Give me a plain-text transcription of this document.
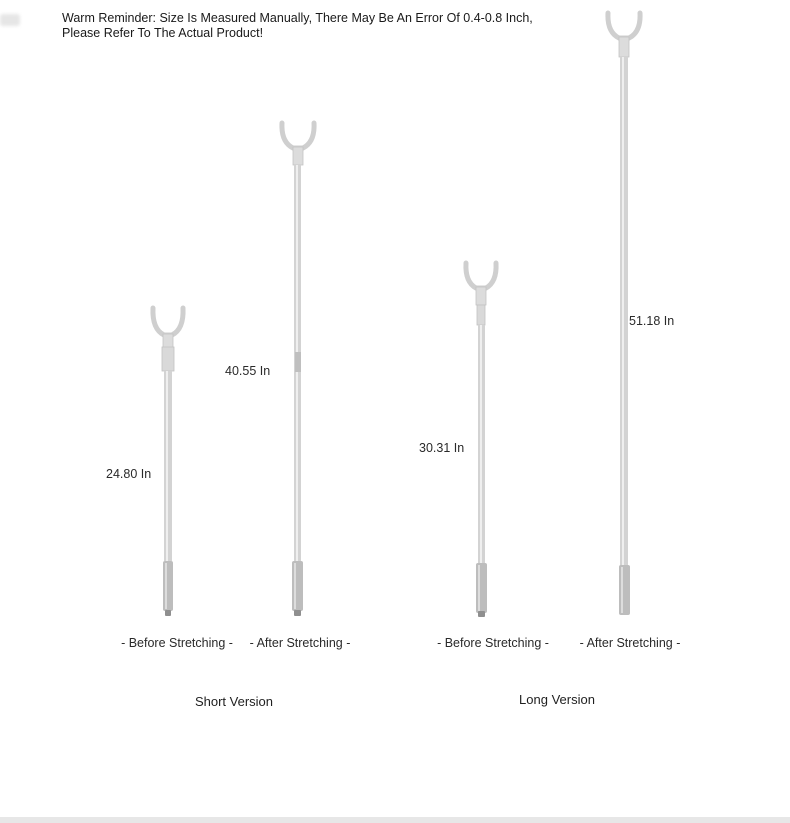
Warm Reminder: Size Is Measured Manually, There May Be An Error Of 0.4-0.8 Inch,
Please Refer To The Actual Product!
24.80 In
40.55 In
30.31 In
51.18 In
- Before Stretching - - After Stretching -	- Before Stretching - - After Stretching -
Short Version	Long Version
